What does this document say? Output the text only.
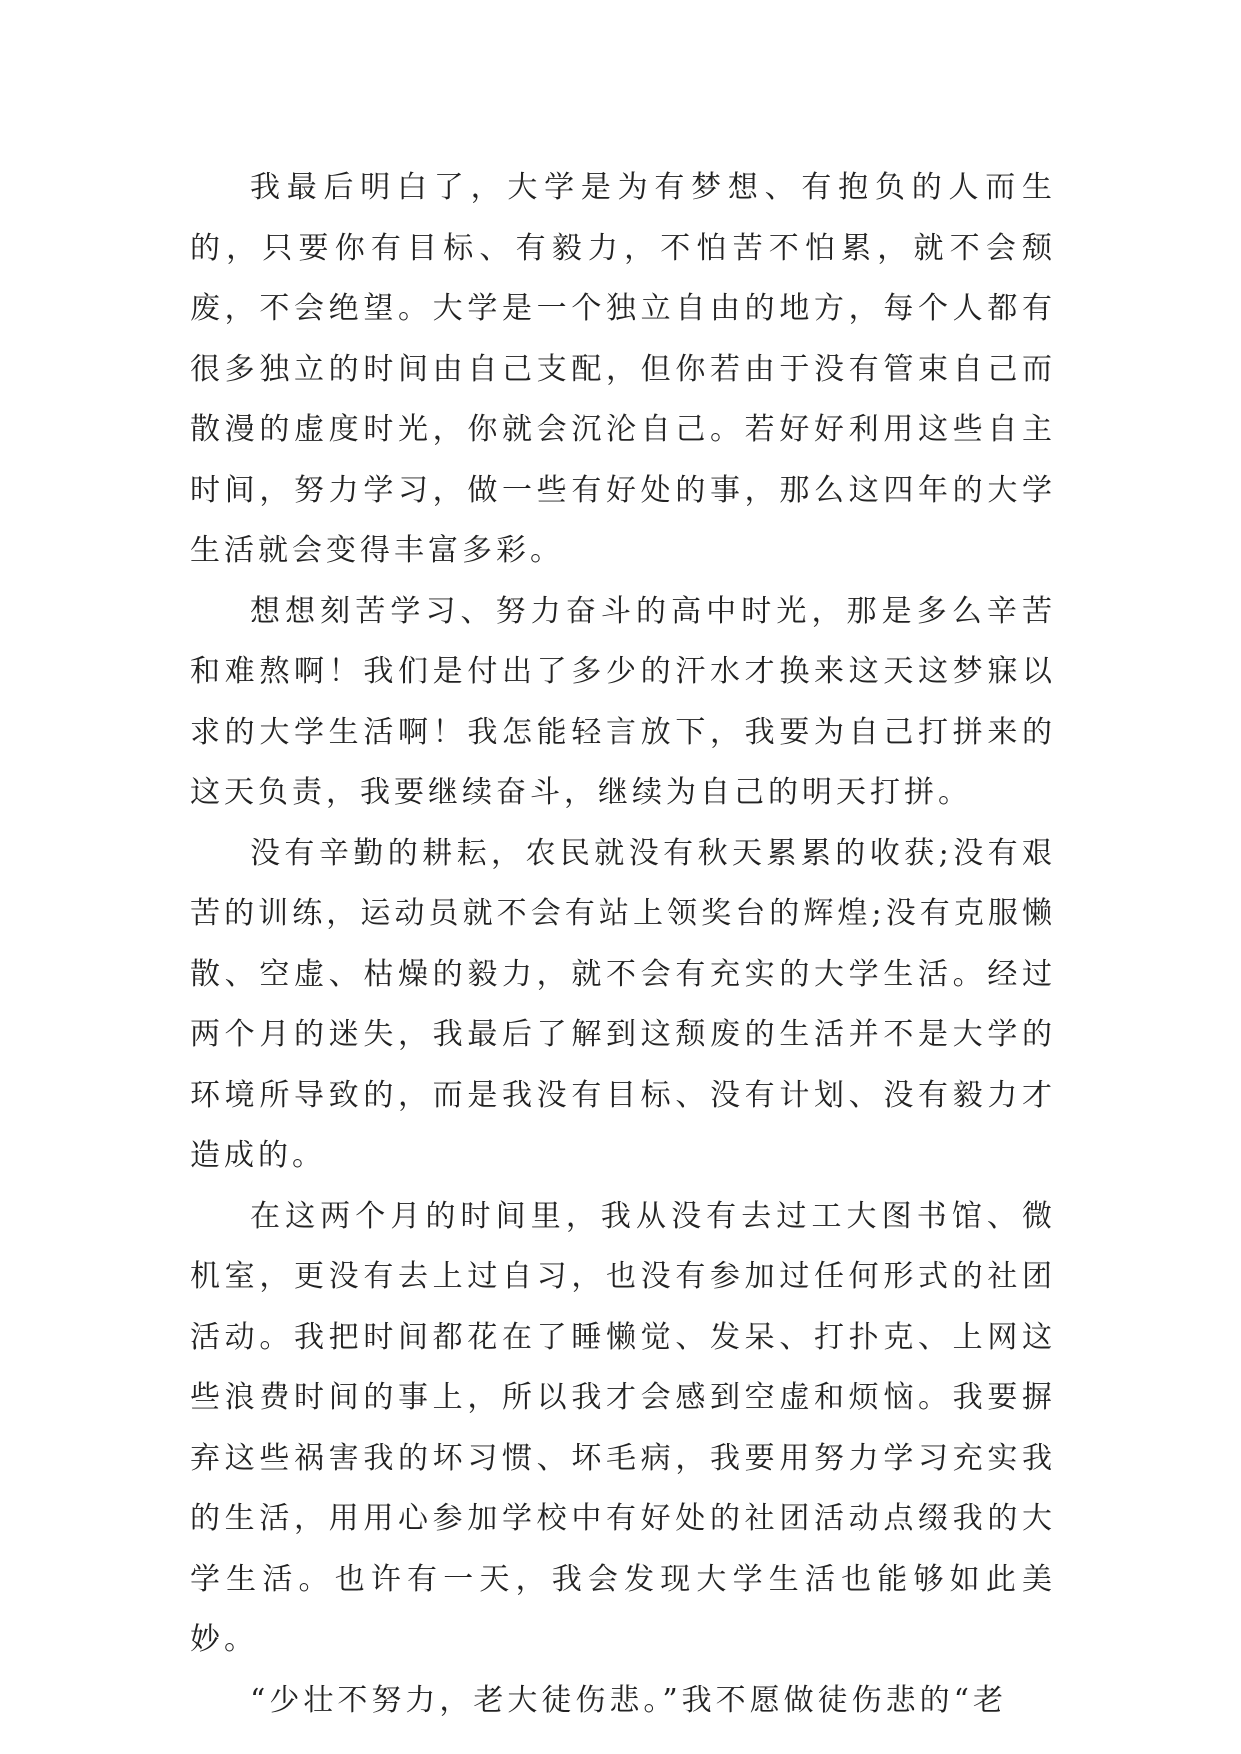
我最后明白了，大学是为有梦想、有抱负的人而生的，只要你有目标、有毅力，不怕苦不怕累，就不会颓废，不会绝望。大学是一个独立自由的地方，每个人都有很多独立的时间由自己支配，但你若由于没有管束自己而散漫的虚度时光，你就会沉沦自己。若好好利用这些自主时间，努力学习，做一些有好处的事，那么这四年的大学生活就会变得丰富多彩。

想想刻苦学习、努力奋斗的高中时光，那是多么辛苦和难熬啊！我们是付出了多少的汗水才换来这天这梦寐以求的大学生活啊！我怎能轻言放下，我要为自己打拼来的这天负责，我要继续奋斗，继续为自己的明天打拼。

没有辛勤的耕耘，农民就没有秋天累累的收获;没有艰苦的训练，运动员就不会有站上领奖台的辉煌;没有克服懒散、空虚、枯燥的毅力，就不会有充实的大学生活。经过两个月的迷失，我最后了解到这颓废的生活并不是大学的环境所导致的，而是我没有目标、没有计划、没有毅力才造成的。

在这两个月的时间里，我从没有去过工大图书馆、微机室，更没有去上过自习，也没有参加过任何形式的社团活动。我把时间都花在了睡懒觉、发呆、打扑克、上网这些浪费时间的事上，所以我才会感到空虚和烦恼。我要摒弃这些祸害我的坏习惯、坏毛病，我要用努力学习充实我的生活，用用心参加学校中有好处的社团活动点缀我的大学生活。也许有一天，我会发现大学生活也能够如此美妙。

“少壮不努力，老大徒伤悲。”我不愿做徒伤悲的“老
